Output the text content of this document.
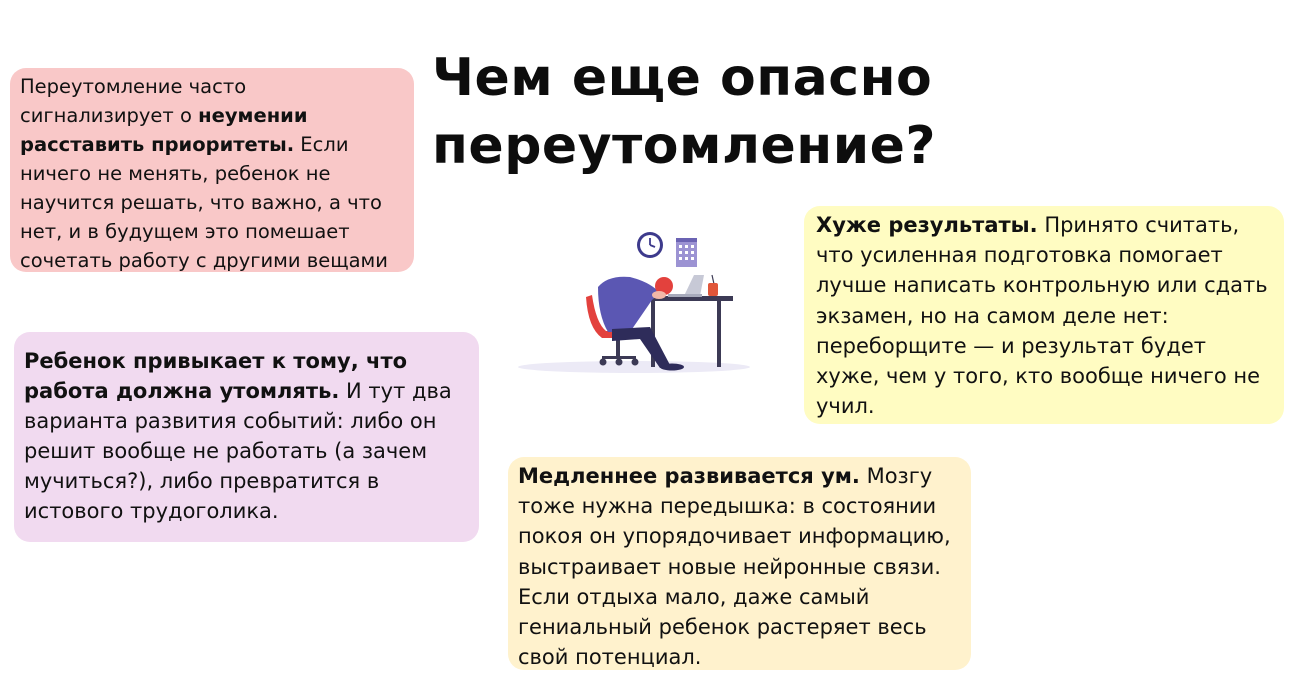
Чем еще опасно
переутомление?
Переутомление часто сигнализирует о неумении расставить приоритеты. Если ничего не менять, ребенок не научится решать, что важно, а что нет, и в будущем это помешает сочетать работу с другими вещами
Ребенок привыкает к тому, что работа должна утомлять. И тут два варианта развития событий: либо он решит вообще не работать (а зачем мучиться?), либо превратится в истового трудоголика.
Хуже результаты. Принято считать, что усиленная подготовка помогает лучше написать контрольную или сдать экзамен, но на самом деле нет: переборщите — и результат будет хуже, чем у того, кто вообще ничего не учил.
Медленнее развивается ум. Мозгу тоже нужна передышка: в состоянии покоя он упорядочивает информацию, выстраивает новые нейронные связи. Если отдыха мало, даже самый гениальный ребенок растеряет весь свой потенциал.
